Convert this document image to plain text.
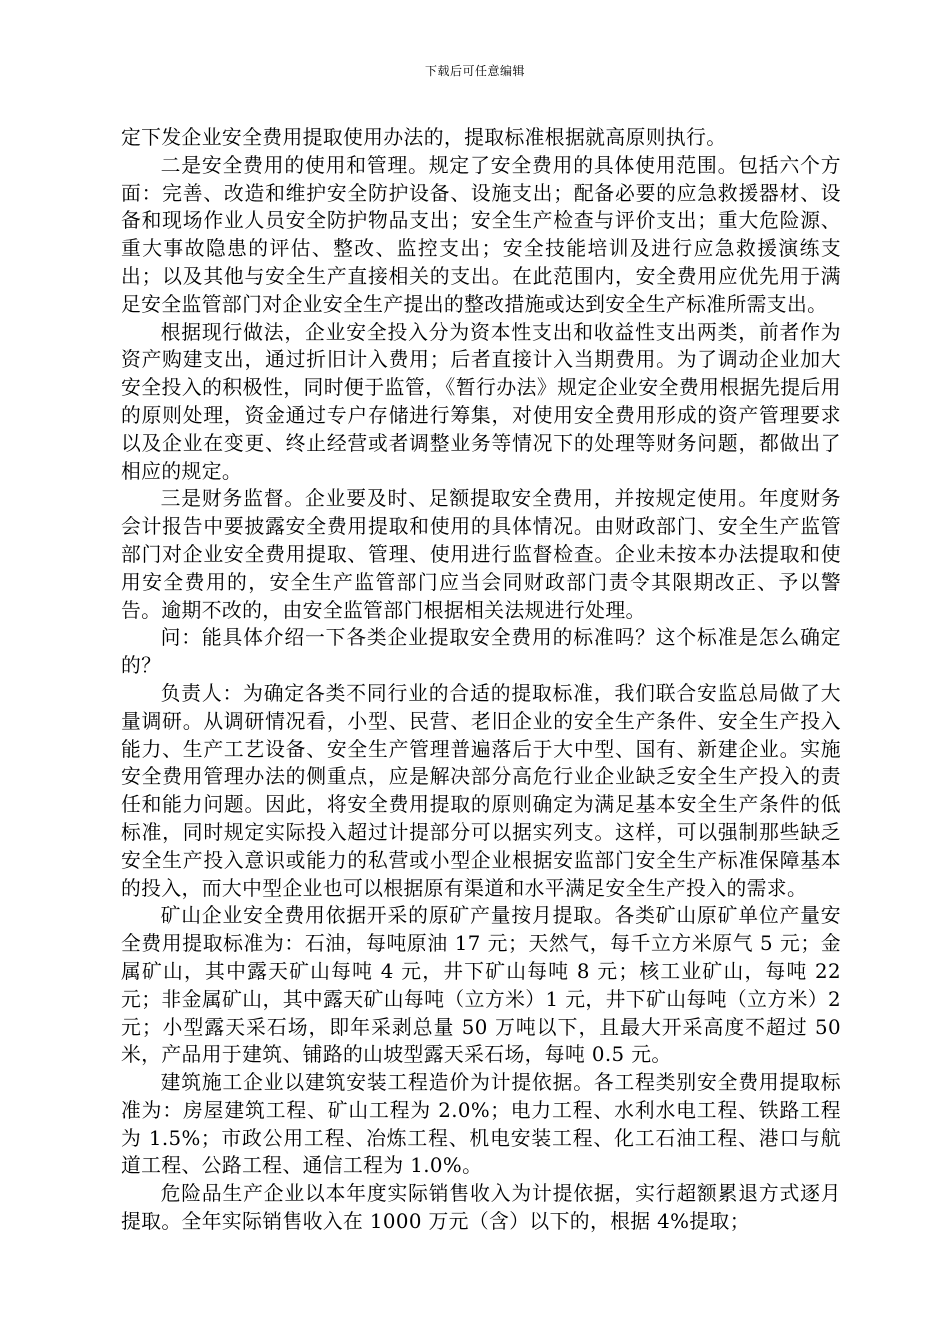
下载后可任意编辑

定下发企业安全费用提取使用办法的，提取标准根据就高原则执行。

二是安全费用的使用和管理。规定了安全费用的具体使用范围。包括六个方面：完善、改造和维护安全防护设备、设施支出；配备必要的应急救援器材、设备和现场作业人员安全防护物品支出；安全生产检查与评价支出；重大危险源、重大事故隐患的评估、整改、监控支出；安全技能培训及进行应急救援演练支出；以及其他与安全生产直接相关的支出。在此范围内，安全费用应优先用于满足安全监管部门对企业安全生产提出的整改措施或达到安全生产标准所需支出。

根据现行做法，企业安全投入分为资本性支出和收益性支出两类，前者作为资产购建支出，通过折旧计入费用；后者直接计入当期费用。为了调动企业加大安全投入的积极性，同时便于监管，《暂行办法》规定企业安全费用根据先提后用的原则处理，资金通过专户存储进行筹集，对使用安全费用形成的资产管理要求以及企业在变更、终止经营或者调整业务等情况下的处理等财务问题，都做出了相应的规定。

三是财务监督。企业要及时、足额提取安全费用，并按规定使用。年度财务会计报告中要披露安全费用提取和使用的具体情况。由财政部门、安全生产监管部门对企业安全费用提取、管理、使用进行监督检查。企业未按本办法提取和使用安全费用的，安全生产监管部门应当会同财政部门责令其限期改正、予以警告。逾期不改的，由安全监管部门根据相关法规进行处理。

问：能具体介绍一下各类企业提取安全费用的标准吗？这个标准是怎么确定的？

负责人：为确定各类不同行业的合适的提取标准，我们联合安监总局做了大量调研。从调研情况看，小型、民营、老旧企业的安全生产条件、安全生产投入能力、生产工艺设备、安全生产管理普遍落后于大中型、国有、新建企业。实施安全费用管理办法的侧重点，应是解决部分高危行业企业缺乏安全生产投入的责任和能力问题。因此，将安全费用提取的原则确定为满足基本安全生产条件的低标准，同时规定实际投入超过计提部分可以据实列支。这样，可以强制那些缺乏安全生产投入意识或能力的私营或小型企业根据安监部门安全生产标准保障基本的投入，而大中型企业也可以根据原有渠道和水平满足安全生产投入的需求。

矿山企业安全费用依据开采的原矿产量按月提取。各类矿山原矿单位产量安全费用提取标准为：石油，每吨原油 17 元；天然气，每千立方米原气 5 元；金属矿山，其中露天矿山每吨 4 元，井下矿山每吨 8 元；核工业矿山，每吨 22 元；非金属矿山，其中露天矿山每吨（立方米）1 元，井下矿山每吨（立方米）2 元；小型露天采石场，即年采剥总量 50 万吨以下，且最大开采高度不超过 50 米，产品用于建筑、铺路的山坡型露天采石场，每吨 0.5 元。

建筑施工企业以建筑安装工程造价为计提依据。各工程类别安全费用提取标准为：房屋建筑工程、矿山工程为 2.0%；电力工程、水利水电工程、铁路工程为 1.5%；市政公用工程、冶炼工程、机电安装工程、化工石油工程、港口与航道工程、公路工程、通信工程为 1.0%。

危险品生产企业以本年度实际销售收入为计提依据，实行超额累退方式逐月提取。全年实际销售收入在 1000 万元（含）以下的，根据 4%提取；
